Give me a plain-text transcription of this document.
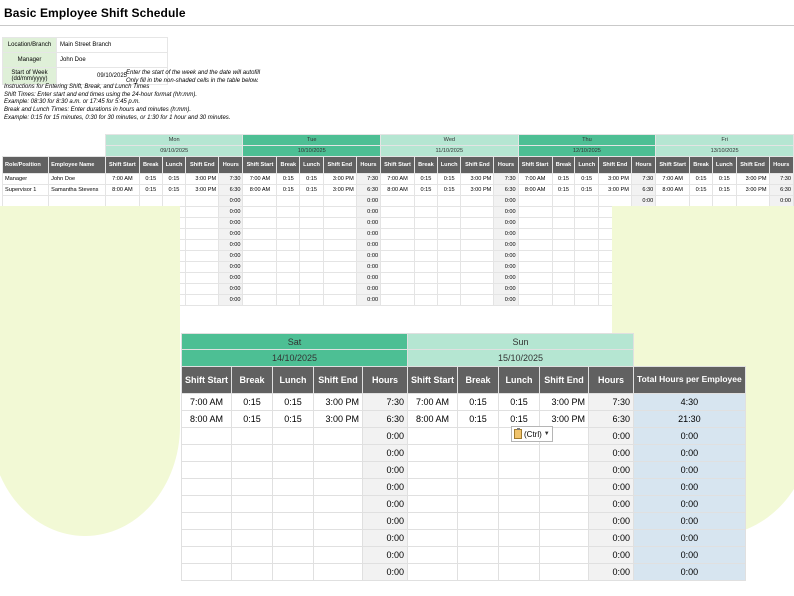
Basic Employee Shift Schedule
Location/Branch	Main Street Branch
Manager	John Doe

Start of Week
(dd/mm/yyyy)	09/10/2025
Enter the start of the week and the date will autofill
Only fill in the non-shaded cells in the table below.
Instructions for Entering Shift, Break, and Lunch Times
Shift Times: Enter start and end times using the 24-hour format (hh:mm).
Example: 08:30 for 8:30 a.m. or 17:45 for 5:45 p.m.
Break and Lunch Times: Enter durations in hours and minutes (h:mm).
Example: 0:15 for 15 minutes, 0:30 for 30 minutes, or 1:30 for 1 hour and 30 minutes.
		Mon					Tue					Wed					Thu					Fri				
		09/10/2025					10/10/2025					11/10/2025					12/10/2025					13/10/2025				
Role/Position	Employee Name	Shift Start	Break	Lunch	Shift End	Hours	Shift Start	Break	Lunch	Shift End	Hours	Shift Start	Break	Lunch	Shift End	Hours	Shift Start	Break	Lunch	Shift End	Hours	Shift Start	Break	Lunch	Shift End	Hours
Manager	John Doe	7:00 AM	0:15	0:15	3:00 PM	7:30	7:00 AM	0:15	0:15	3:00 PM	7:30	7:00 AM	0:15	0:15	3:00 PM	7:30	7:00 AM	0:15	0:15	3:00 PM	7:30	7:00 AM	0:15	0:15	3:00 PM	7:30
Supervisor 1	Samantha Stevens	8:00 AM	0:15	0:15	3:00 PM	6:30	8:00 AM	0:15	0:15	3:00 PM	6:30	8:00 AM	0:15	0:15	3:00 PM	6:30	8:00 AM	0:15	0:15	3:00 PM	6:30	8:00 AM	0:15	0:15	3:00 PM	6:30
						0:00					0:00					0:00					0:00					0:00
						0:00					0:00					0:00										
						0:00					0:00					0:00										
						0:00					0:00					0:00										
						0:00					0:00					0:00										
						0:00					0:00					0:00										
						0:00					0:00					0:00										
						0:00					0:00					0:00										
						0:00					0:00					0:00										
						0:00					0:00					0:00										
Sat					Sun					
14/10/2025					15/10/2025					
Shift Start	Break	Lunch	Shift End	Hours	Shift Start	Break	Lunch	Shift End	Hours	Total Hours per Employee
7:00 AM	0:15	0:15	3:00 PM	7:30	7:00 AM	0:15	0:15	3:00 PM	7:30	4:30
8:00 AM	0:15	0:15	3:00 PM	6:30	8:00 AM	0:15	0:15	3:00 PM	6:30	21:30
				0:00					0:00	0:00
				0:00					0:00	0:00
				0:00					0:00	0:00
				0:00					0:00	0:00
				0:00					0:00	0:00
				0:00					0:00	0:00
				0:00					0:00	0:00
				0:00					0:00	0:00
				0:00					0:00	0:00
(Ctrl) ▼
